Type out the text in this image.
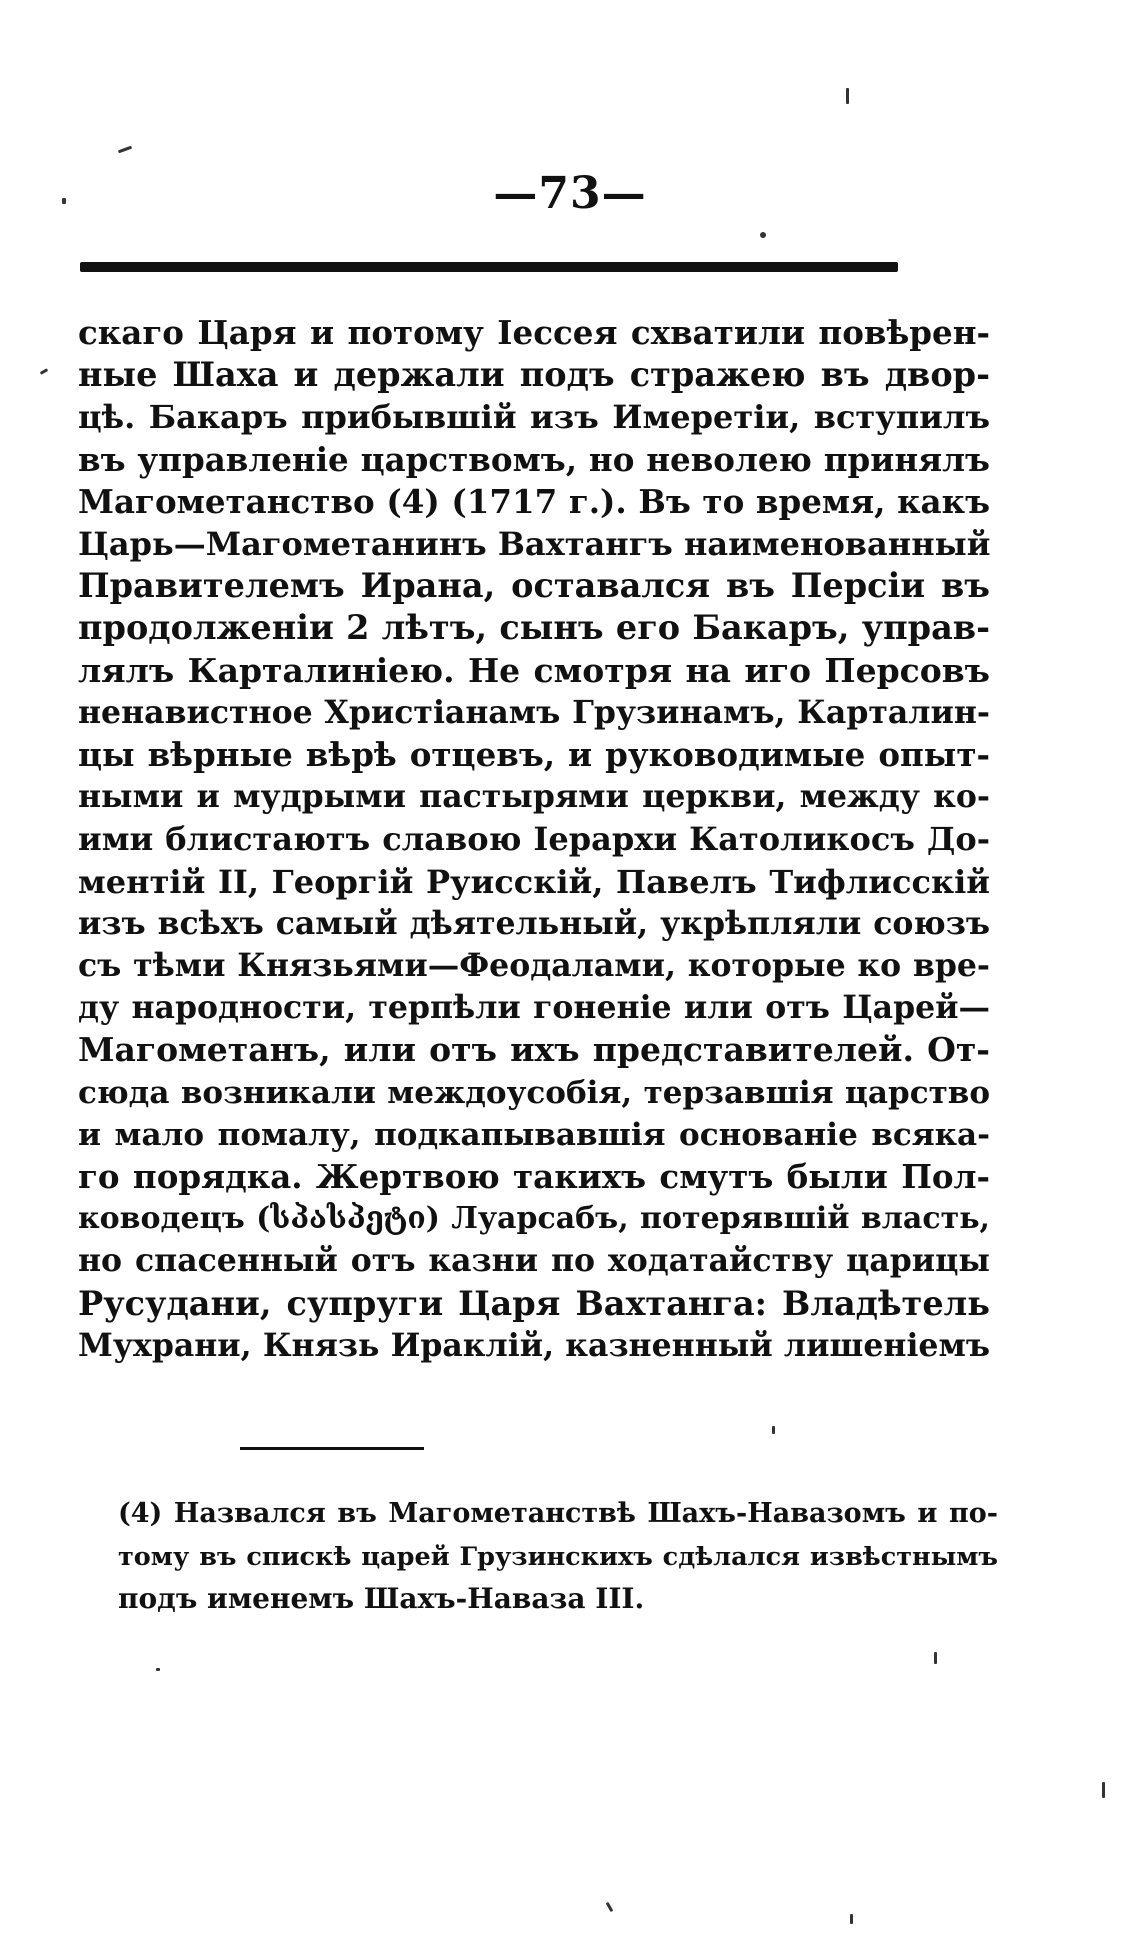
—73—
скаго Царя и потому Іессея схватили повѣрен-
ные Шаха и держали подъ стражею въ двор-
цѣ. Бакаръ прибывшій изъ Имеретіи, вступилъ
въ управленіе царствомъ, но неволею принялъ
Магометанство (4) (1717 г.). Въ то время, какъ
Царь—Магометанинъ Вахтангъ наименованный
Правителемъ Ирана, оставался въ Персіи въ
продолженіи 2 лѣтъ, сынъ его Бакаръ, управ-
лялъ Карталиніею. Не смотря на иго Персовъ
ненавистное Христіанамъ Грузинамъ, Карталин-
цы вѣрные вѣрѣ отцевъ, и руководимые опыт-
ными и мудрыми пастырями церкви, между ко-
ими блистаютъ славою Іерархи Католикосъ До-
ментій II, Георгій Руисскій, Павелъ Тифлисскій
изъ всѣхъ самый дѣятельный, укрѣпляли союзъ
съ тѣми Князьями—Феодалами, которые ко вре-
ду народности, терпѣли гоненіе или отъ Царей—
Магометанъ, или отъ ихъ представителей. От-
сюда возникали междоусобія, терзавшія царство
и мало помалу, подкапывавшія основаніе всяка-
го порядка. Жертвою такихъ смутъ были Пол-
ководецъ (სპასპეტი) Луарсабъ, потерявшій власть,
но спасенный отъ казни по ходатайству царицы
Русудани, супруги Царя Вахтанга: Владѣтель
Мухрани, Князь Ираклій, казненный лишеніемъ
(4) Назвался въ Магометанствѣ Шахъ-Навазомъ и по-
тому въ спискѣ царей Грузинскихъ сдѣлался извѣстнымъ
подъ именемъ Шахъ-Наваза III.
